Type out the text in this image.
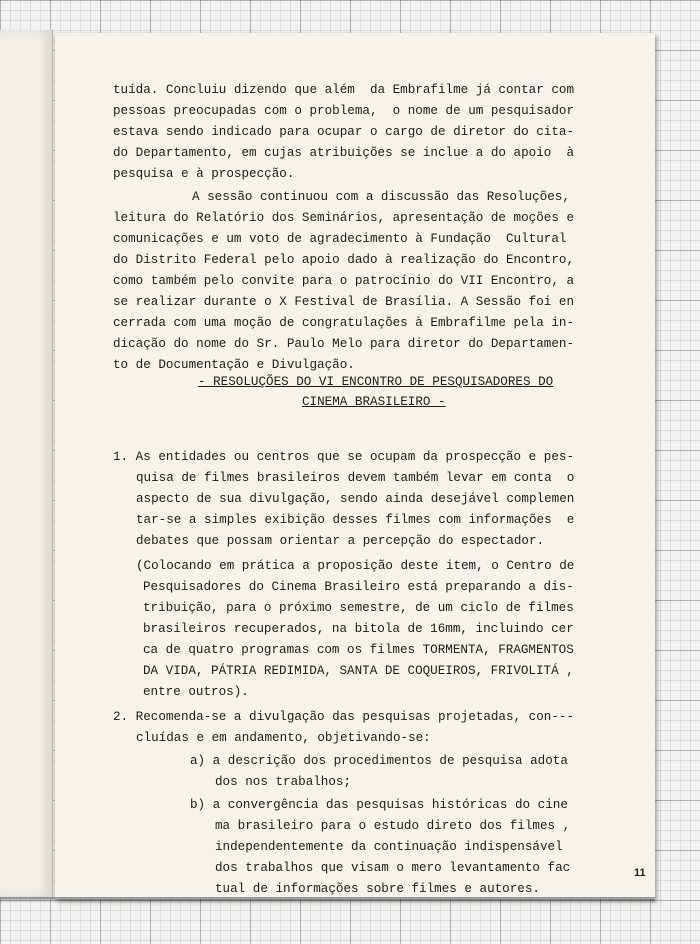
tuída. Concluiu dizendo que além  da Embrafilme já contar com
pessoas preocupadas com o problema,  o nome de um pesquisador
estava sendo indicado para ocupar o cargo de diretor do cita-
do Departamento, em cujas atribuições se inclue a do apoio  à
pesquisa e à prospecção.
A sessão continuou com a discussão das Resoluções,
leitura do Relatório dos Seminários, apresentação de moções e
comunicações e um voto de agradecimento à Fundação  Cultural
do Distrito Federal pelo apoio dado à realização do Encontro,
como também pelo convite para o patrocínio do VII Encontro, a
se realizar durante o X Festival de Brasília. A Sessão foi en
cerrada com uma moção de congratulações à Embrafilme pela in-
dicação do nome do Sr. Paulo Melo para diretor do Departamen-
to de Documentação e Divulgação.
- RESOLUÇÕES DO VI ENCONTRO DE PESQUISADORES DO
CINEMA BRASILEIRO -
1. As entidades ou centros que se ocupam da prospecção e pes-
quisa de filmes brasileiros devem também levar em conta  o
aspecto de sua divulgação, sendo ainda desejável complemen
tar-se a simples exibição desses filmes com informações  e
debates que possam orientar a percepção do espectador.
(Colocando em prática a proposição deste item, o Centro de
Pesquisadores do Cinema Brasileiro está preparando a dis-
tribuição, para o próximo semestre, de um ciclo de filmes
brasileiros recuperados, na bitola de 16mm, incluindo cer
ca de quatro programas com os filmes TORMENTA, FRAGMENTOS
DA VIDA, PÁTRIA REDIMIDA, SANTA DE COQUEIROS, FRIVOLITÁ ,
entre outros).
2. Recomenda-se a divulgação das pesquisas projetadas, con---
cluídas e em andamento, objetivando-se:
a) a descrição dos procedimentos de pesquisa adota
dos nos trabalhos;
b) a convergência das pesquisas históricas do cine
ma brasileiro para o estudo direto dos filmes ,
independentemente da continuação indispensável
dos trabalhos que visam o mero levantamento fac
tual de informações sobre filmes e autores.
11
